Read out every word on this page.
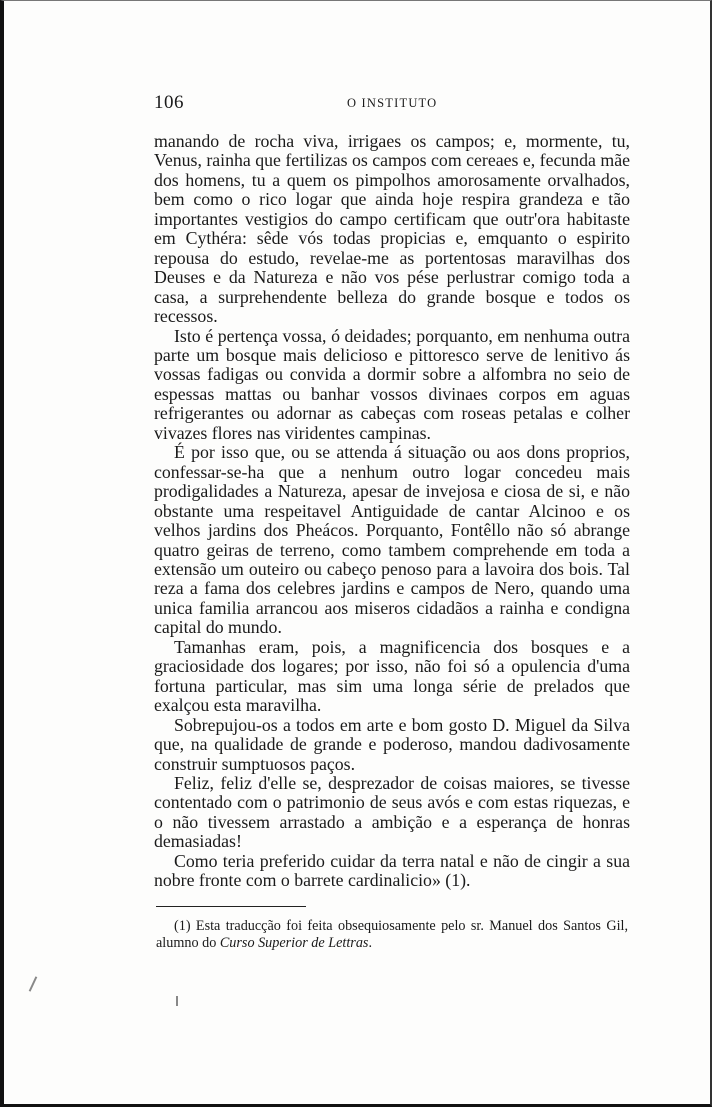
106	O INSTITUTO

manando de rocha viva, irrigaes os campos; e, mormente, tu, Venus, rainha que fertilizas os campos com cereaes e, fecunda mãe dos homens, tu a quem os pimpolhos amorosamente orvalhados, bem como o rico logar que ainda hoje respira grandeza e tão importantes vestigios do campo certificam que outr'ora habitaste em Cythéra: sêde vós todas propicias e, emquanto o espirito repousa do estudo, revelae-me as portentosas maravilhas dos Deuses e da Natureza e não vos pése perlustrar comigo toda a casa, a surprehendente belleza do grande bosque e todos os recessos.

Isto é pertença vossa, ó deidades; porquanto, em nenhuma outra parte um bosque mais delicioso e pittoresco serve de lenitivo ás vossas fadigas ou convida a dormir sobre a alfombra no seio de espessas mattas ou banhar vossos divinaes corpos em aguas refrigerantes ou adornar as cabeças com roseas petalas e colher vivazes flores nas viridentes campinas.

É por isso que, ou se attenda á situação ou aos dons proprios, confessar-se-ha que a nenhum outro logar concedeu mais prodigalidades a Natureza, apesar de invejosa e ciosa de si, e não obstante uma respeitavel Antiguidade de cantar Alcinoo e os velhos jardins dos Pheácos. Porquanto, Fontêllo não só abrange quatro geiras de terreno, como tambem comprehende em toda a extensão um outeiro ou cabeço penoso para a lavoira dos bois. Tal reza a fama dos celebres jardins e campos de Nero, quando uma unica familia arrancou aos miseros cidadãos a rainha e condigna capital do mundo.

Tamanhas eram, pois, a magnificencia dos bosques e a graciosidade dos logares; por isso, não foi só a opulencia d'uma fortuna particular, mas sim uma longa série de prelados que exalçou esta maravilha.

Sobrepujou-os a todos em arte e bom gosto D. Miguel da Silva que, na qualidade de grande e poderoso, mandou dadivosamente construir sumptuosos paços.

Feliz, feliz d'elle se, desprezador de coisas maiores, se tivesse contentado com o patrimonio de seus avós e com estas riquezas, e o não tivessem arrastado a ambição e a esperança de honras demasiadas!

Como teria preferido cuidar da terra natal e não de cingir a sua nobre fronte com o barrete cardinalicio» (1).

(1) Esta traducção foi feita obsequiosamente pelo sr. Manuel dos Santos Gil, alumno do Curso Superior de Lettras.
